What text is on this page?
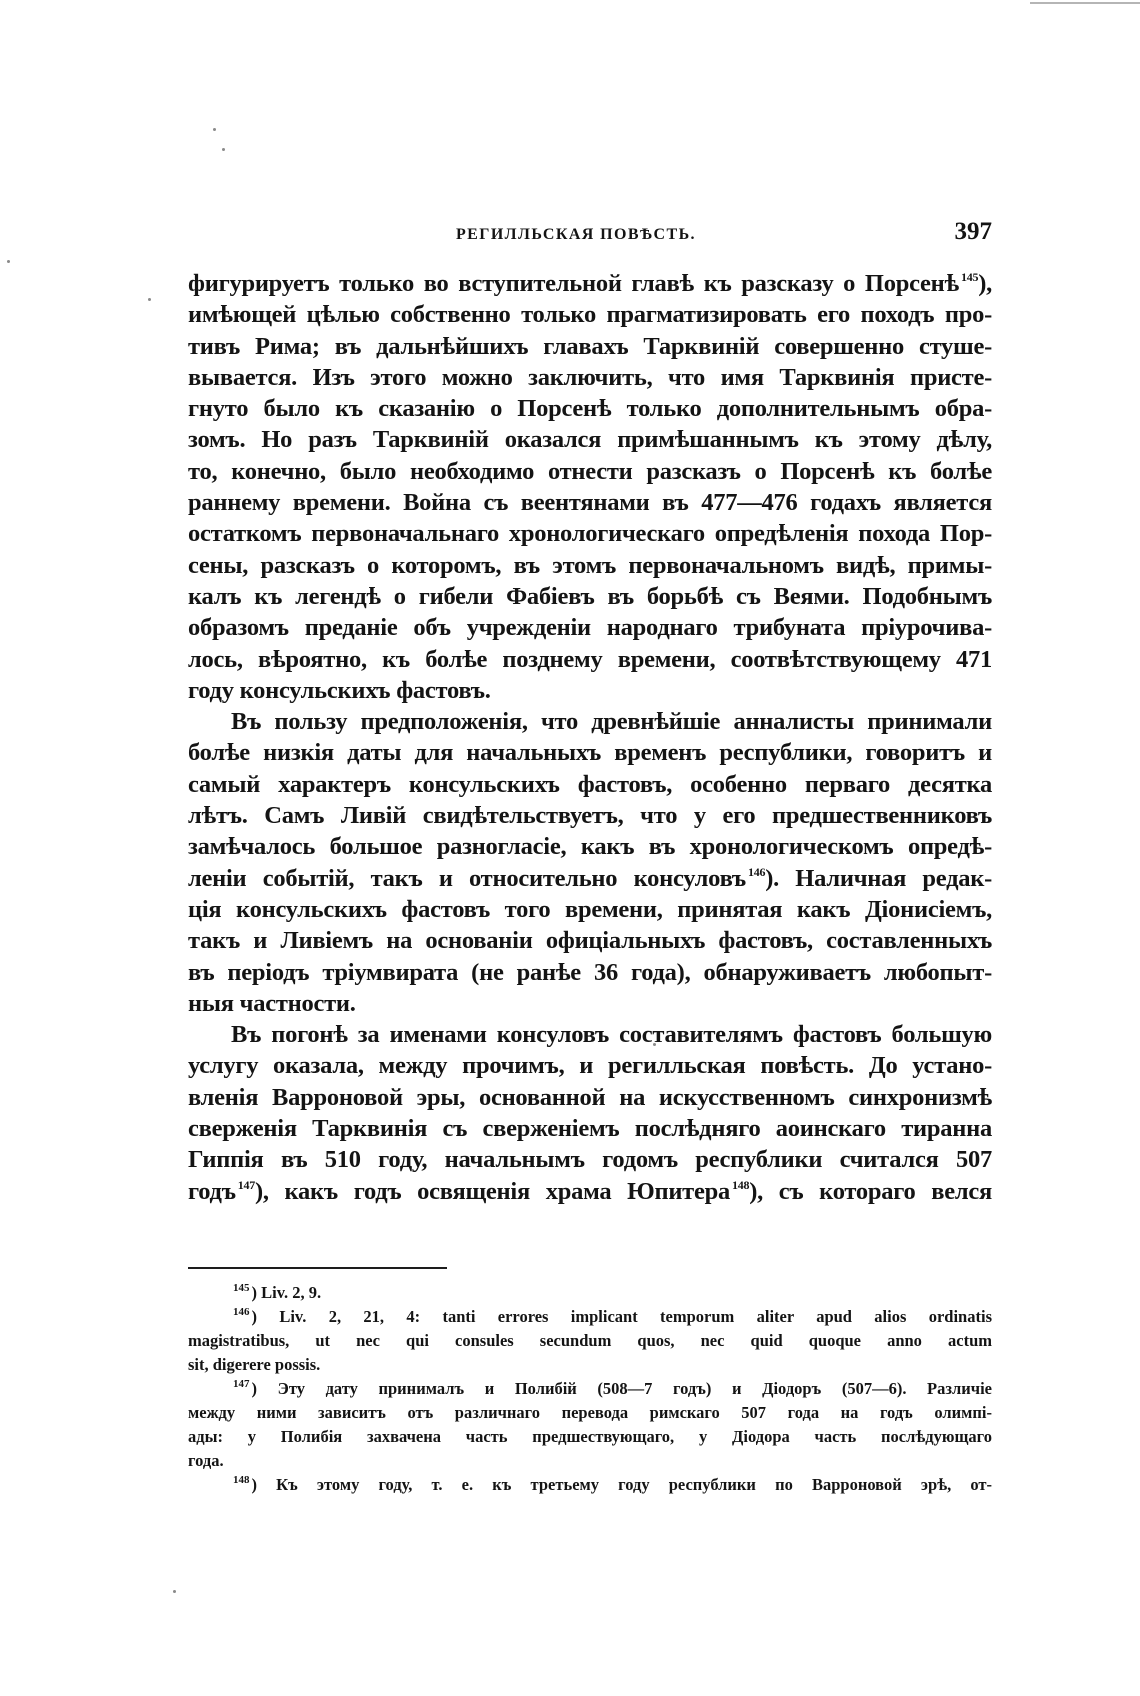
РЕГИЛЛЬСКАЯ ПОВѢСТЬ.	397

фигурируетъ только во вступительной главѣ къ разсказу о Порсенѣ $^{145}$),

имѣющей цѣлью собственно только прагматизировать его походъ про-

тивъ Рима; въ дальнѣйшихъ главахъ Тарквиній совершенно стуше-

вывается. Изъ этого можно заключить, что имя Тарквинія присте-

гнуто было къ сказанію о Порсенѣ только дополнительнымъ обра-

зомъ. Но разъ Тарквиній оказался примѣшаннымъ къ этому дѣлу,

то, конечно, было необходимо отнести разсказъ о Порсенѣ къ болѣе

раннему времени. Война съ веентянами въ 477—476 годахъ является

остаткомъ первоначальнаго хронологическаго опредѣленія похода Пор-

сены, разсказъ о которомъ, въ этомъ первоначальномъ видѣ, примы-

калъ къ легендѣ о гибели Фабіевъ въ борьбѣ съ Веями. Подобнымъ

образомъ преданіе объ учрежденіи народнаго трибуната пріурочива-

лось, вѣроятно, къ болѣе позднему времени, соотвѣтствующему 471

году консульскихъ фастовъ.

Въ пользу предположенія, что древнѣйшіе анналисты принимали

болѣе низкія даты для начальныхъ временъ республики, говоритъ и

самый характеръ консульскихъ фастовъ, особенно перваго десятка

лѣтъ. Самъ Ливій свидѣтельствуетъ, что у его предшественниковъ

замѣчалось большое разногласіе, какъ въ хронологическомъ опредѣ-

леніи событій, такъ и относительно консуловъ $^{146}$). Наличная редак-

ція консульскихъ фастовъ того времени, принятая какъ Діонисіемъ,

такъ и Ливіемъ на основаніи офиціальныхъ фастовъ, составленныхъ

въ періодъ тріумвирата (не ранѣе 36 года), обнаруживаетъ любопыт-

ныя частности.

Въ погонѣ за именами консуловъ составителямъ фастовъ большую

услугу оказала, между прочимъ, и регилльская повѣсть. До устано-

вленія Варроновой эры, основанной на искусственномъ синхронизмѣ

сверженія Тарквинія съ сверженіемъ послѣдняго аоинскаго тиранна

Гиппія въ 510 году, начальнымъ годомъ республики считался 507

годъ $^{147}$), какъ годъ освященія храма Юпитера $^{148}$), съ котораго велся

$^{145}$ ) Liv. 2, 9.

$^{146}$ ) Liv. 2, 21, 4: tanti errores implicant temporum aliter apud alios ordinatis

magistratibus, ut nec qui consules secundum quos, nec quid quoque anno actum

sit, digerere possis.

$^{147}$ ) Эту дату принималъ и Полибій (508—7 годъ) и Діодоръ (507—6). Различіе

между ними зависитъ отъ различнаго перевода римскаго 507 года на годъ олимпі-

ады: у Полибія захвачена часть предшествующаго, у Діодора часть послѣдующаго

года.

$^{148}$ ) Къ этому году, т. е. къ третьему году республики по Варроновой эрѣ, от-
